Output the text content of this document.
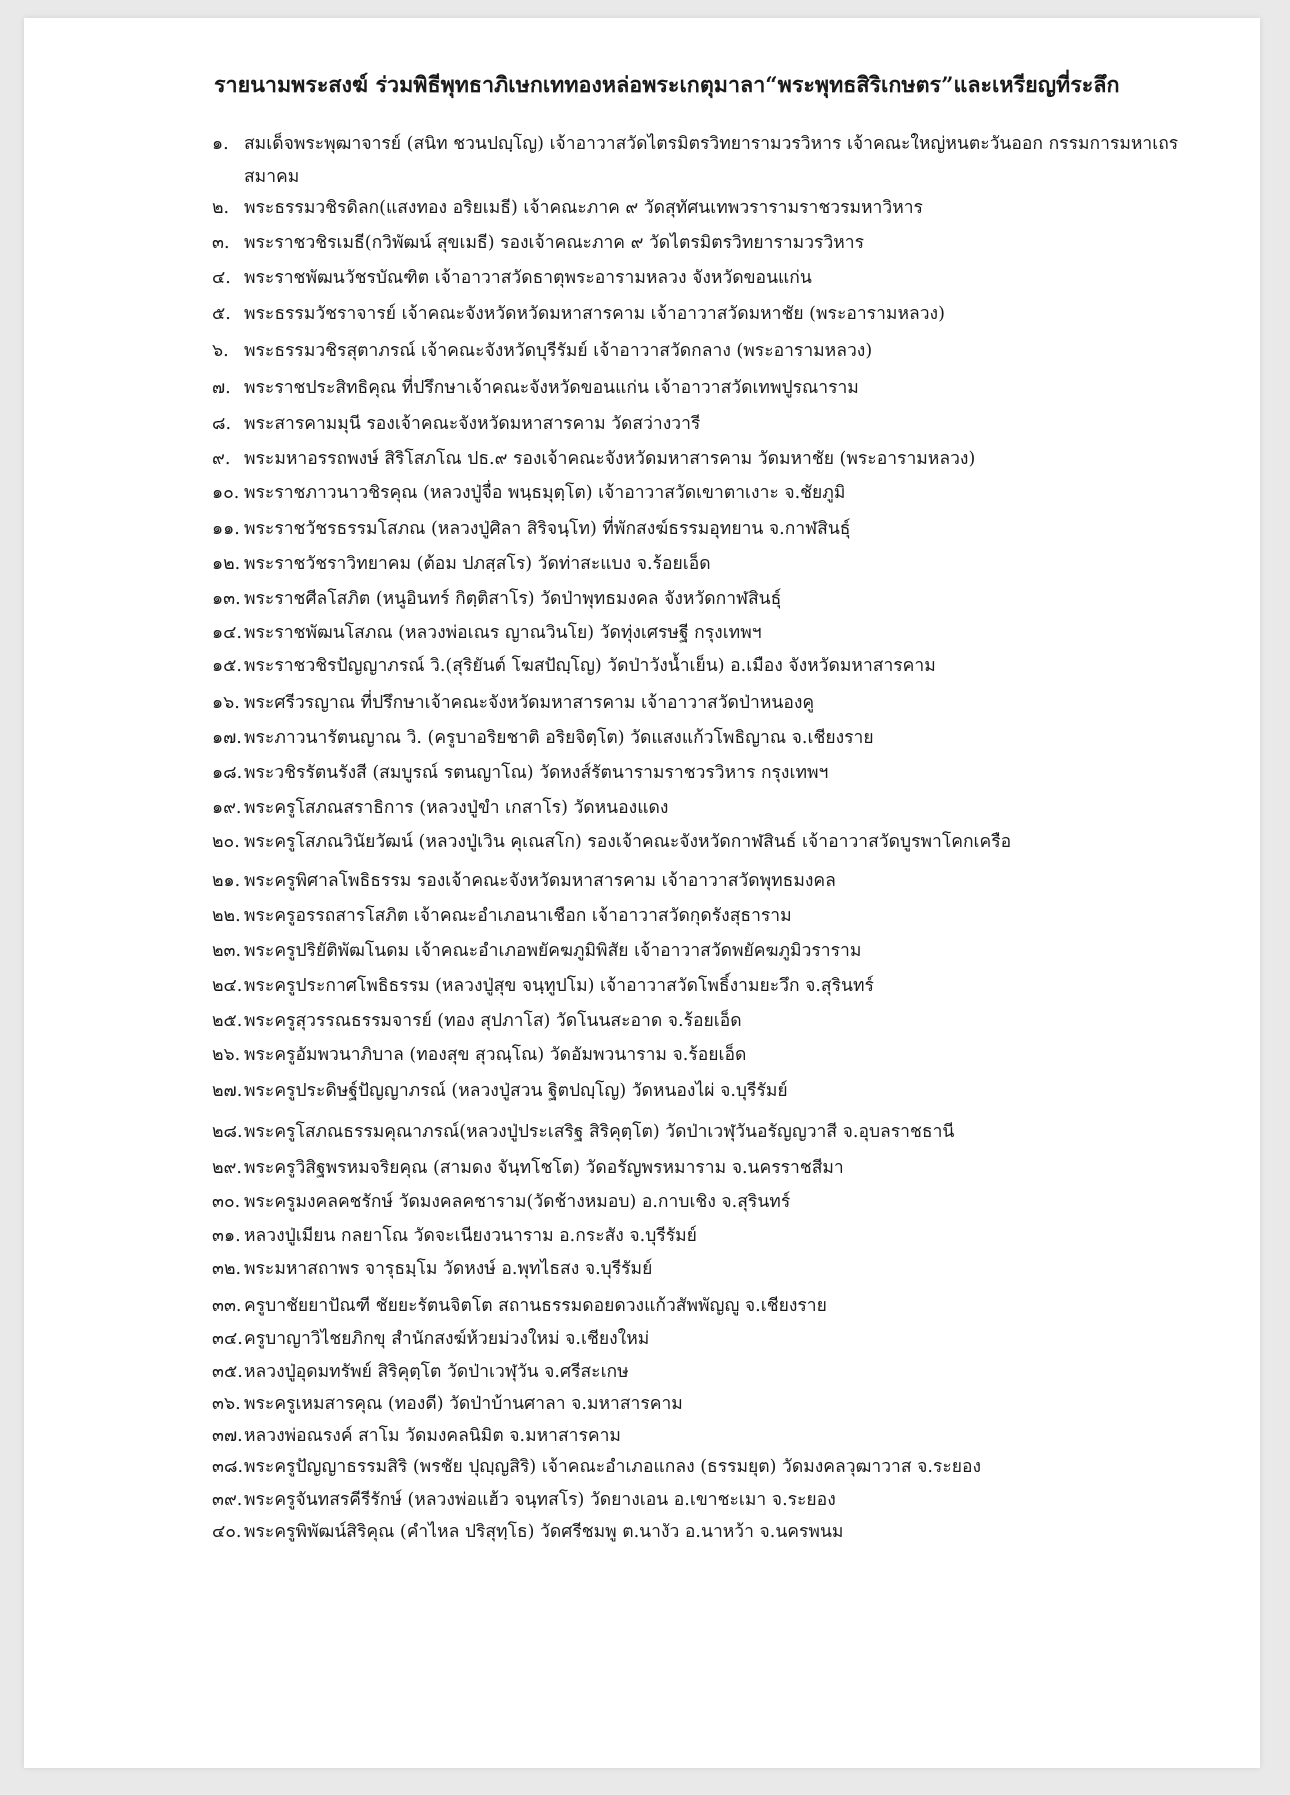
รายนามพระสงฆ์ ร่วมพิธีพุทธาภิเษกเททองหล่อพระเกตุมาลา“พระพุทธสิริเกษตร”และเหรียญที่ระลึก
๑. สมเด็จพระพุฒาจารย์ (สนิท ชวนปญฺโญ) เจ้าอาวาสวัดไตรมิตรวิทยารามวรวิหาร เจ้าคณะใหญ่หนตะวันออก กรรมการมหาเถรสมาคม
๒. พระธรรมวชิรดิลก(แสงทอง อริยเมธี) เจ้าคณะภาค ๙ วัดสุทัศนเทพวรารามราชวรมหาวิหาร
๓. พระราชวชิรเมธี(กวิพัฒน์ สุขเมธี) รองเจ้าคณะภาค ๙ วัดไตรมิตรวิทยารามวรวิหาร
๔. พระราชพัฒนวัชรบัณฑิต เจ้าอาวาสวัดธาตุพระอารามหลวง จังหวัดขอนแก่น
๕. พระธรรมวัชราจารย์ เจ้าคณะจังหวัดหวัดมหาสารคาม เจ้าอาวาสวัดมหาชัย (พระอารามหลวง)
๖. พระธรรมวชิรสุตาภรณ์ เจ้าคณะจังหวัดบุรีรัมย์ เจ้าอาวาสวัดกลาง (พระอารามหลวง)
๗. พระราชประสิทธิคุณ ที่ปรึกษาเจ้าคณะจังหวัดขอนแก่น เจ้าอาวาสวัดเทพปูรณาราม
๘. พระสารคามมุนี รองเจ้าคณะจังหวัดมหาสารคาม วัดสว่างวารี
๙. พระมหาอรรถพงษ์ สิริโสภโณ ปธ.๙ รองเจ้าคณะจังหวัดมหาสารคาม วัดมหาชัย (พระอารามหลวง)
๑๐. พระราชภาวนาวชิรคุณ (หลวงปู่จื่อ พนฺธมุตฺโต) เจ้าอาวาสวัดเขาตาเงาะ จ.ชัยภูมิ
๑๑. พระราชวัชรธรรมโสภณ (หลวงปู่ศิลา สิริจนฺโท) ที่พักสงฆ์ธรรมอุทยาน จ.กาฬสินธุ์
๑๒. พระราชวัชราวิทยาคม (ต้อม ปภสฺสโร) วัดท่าสะแบง จ.ร้อยเอ็ด
๑๓. พระราชศีลโสภิต (หนูอินทร์ กิตฺติสาโร) วัดป่าพุทธมงคล จังหวัดกาฬสินธุ์
๑๔. พระราชพัฒนโสภณ (หลวงพ่อเณร ญาณวินโย) วัดทุ่งเศรษฐี กรุงเทพฯ
๑๕. พระราชวชิรปัญญาภรณ์ วิ.(สุริยันต์ โฆสปัญฺโญ) วัดป่าวังน้ำเย็น) อ.เมือง จังหวัดมหาสารคาม
๑๖. พระศรีวรญาณ ที่ปรึกษาเจ้าคณะจังหวัดมหาสารคาม เจ้าอาวาสวัดป่าหนองคู
๑๗. พระภาวนารัตนญาณ วิ. (ครูบาอริยชาติ อริยจิตฺโต) วัดแสงแก้วโพธิญาณ จ.เชียงราย
๑๘. พระวชิรรัตนรังสี (สมบูรณ์ รตนญาโณ) วัดหงส์รัตนารามราชวรวิหาร กรุงเทพฯ
๑๙. พระครูโสภณสราธิการ (หลวงปู่ขำ เกสาโร) วัดหนองแดง
๒๐. พระครูโสภณวินัยวัฒน์ (หลวงปู่เวิน คุเณสโก) รองเจ้าคณะจังหวัดกาฬสินธ์ เจ้าอาวาสวัดบูรพาโคกเครือ
๒๑. พระครูพิศาลโพธิธรรม รองเจ้าคณะจังหวัดมหาสารคาม เจ้าอาวาสวัดพุทธมงคล
๒๒. พระครูอรรถสารโสภิต เจ้าคณะอำเภอนาเชือก เจ้าอาวาสวัดกุดรังสุธาราม
๒๓. พระครูปริยัติพัฒโนดม เจ้าคณะอำเภอพยัคฆภูมิพิสัย เจ้าอาวาสวัดพยัคฆภูมิวราราม
๒๔.พระครูประกาศโพธิธรรม (หลวงปู่สุข จนฺทูปโม) เจ้าอาวาสวัดโพธิ์งามยะวึก จ.สุรินทร์
๒๕.พระครูสุวรรณธรรมจารย์ (ทอง สุปภาโส) วัดโนนสะอาด จ.ร้อยเอ็ด
๒๖. พระครูอัมพวนาภิบาล (ทองสุข สุวณฺโณ) วัดอัมพวนาราม จ.ร้อยเอ็ด
๒๗.พระครูประดิษฐ์ปัญญาภรณ์ (หลวงปู่สวน ฐิตปญฺโญ) วัดหนองไผ่ จ.บุรีรัมย์
๒๘.พระครูโสภณธรรมคุณาภรณ์(หลวงปู่ประเสริฐ สิริคุตฺโต) วัดป่าเวฬุวันอรัญญวาสี จ.อุบลราชธานี
๒๙. พระครูวิสิฐพรหมจริยคุณ (สามดง จันฺทโชโต) วัดอรัญพรหมาราม จ.นครราชสีมา
๓๐. พระครูมงคลคชรักษ์ วัดมงคลคชาราม(วัดช้างหมอบ) อ.กาบเชิง จ.สุรินทร์
๓๑. หลวงปู่เมียน กลยาโณ วัดจะเนียงวนาราม อ.กระสัง จ.บุรีรัมย์
๓๒. พระมหาสถาพร จารุธมฺโม วัดหงษ์ อ.พุทไธสง จ.บุรีรัมย์
๓๓. ครูบาชัยยาปัณฑี ชัยยะรัตนจิตโต สถานธรรมดอยดวงแก้วสัพพัญญู จ.เชียงราย
๓๔.ครูบาญาวิไชยภิกขุ สำนักสงฆ์ห้วยม่วงใหม่ จ.เชียงใหม่
๓๕.หลวงปู่อุดมทรัพย์ สิริคุตฺโต วัดป่าเวฬุวัน จ.ศรีสะเกษ
๓๖. พระครูเหมสารคุณ (ทองดี) วัดป่าบ้านศาลา จ.มหาสารคาม
๓๗.หลวงพ่อณรงค์ สาโม วัดมงคลนิมิต จ.มหาสารคาม
๓๘.พระครูปัญญาธรรมสิริ (พรชัย ปุญฺญสิริ) เจ้าคณะอำเภอแกลง (ธรรมยุต) วัดมงคลวุฒาวาส จ.ระยอง
๓๙.พระครูจันทสรคีรีรักษ์ (หลวงพ่อแฮ้ว จนฺทสโร) วัดยางเอน อ.เขาชะเมา จ.ระยอง
๔๐. พระครูพิพัฒน์สิริคุณ (คำไหล ปริสุทฺโธ) วัดศรีชมพู ต.นางัว อ.นาหว้า จ.นครพนม
